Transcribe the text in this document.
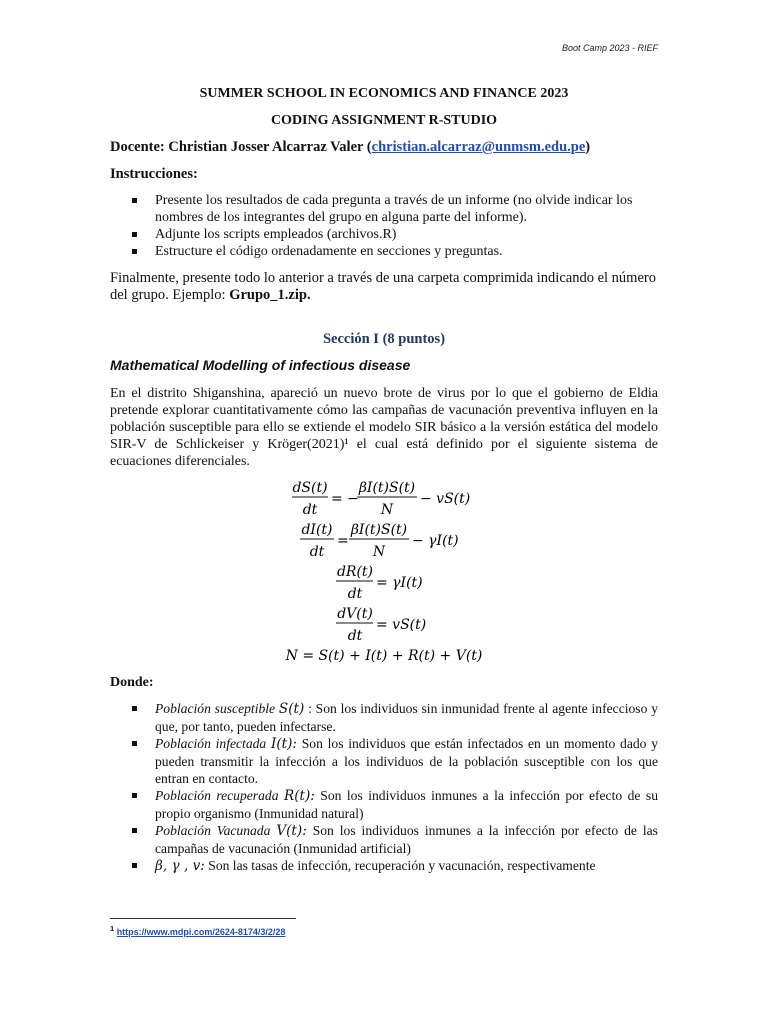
Boot Camp 2023 - RIEF
SUMMER SCHOOL IN ECONOMICS AND FINANCE 2023
CODING ASSIGNMENT R-STUDIO
Docente: Christian Josser Alcarraz Valer (christian.alcarraz@unmsm.edu.pe)
Instrucciones:
Presente los resultados de cada pregunta a través de un informe (no olvide indicar los nombres de los integrantes del grupo en alguna parte del informe).
Adjunte los scripts empleados (archivos.R)
Estructure el código ordenadamente en secciones y preguntas.
Finalmente, presente todo lo anterior a través de una carpeta comprimida indicando el número del grupo. Ejemplo: Grupo_1.zip.
Sección I (8 puntos)
Mathematical Modelling of infectious disease
En el distrito Shiganshina, apareció un nuevo brote de virus por lo que el gobierno de Eldia pretende explorar cuantitativamente cómo las campañas de vacunación preventiva influyen en la población susceptible para ello se extiende el modelo SIR básico a la versión estática del modelo SIR-V de Schlickeiser y Kröger(2021)¹ el cual está definido por el siguiente sistema de ecuaciones diferenciales.
dS(t)
dt
= −
βI(t)S(t)
N
− vS(t)
dI(t)
dt
=
βI(t)S(t)
N
− γI(t)
dR(t)
dt
= γI(t)
dV(t)
dt
= vS(t)
N = S(t) + I(t) + R(t) + V(t)
Donde:
Población susceptible S(t) : Son los individuos sin inmunidad frente al agente infeccioso y que, por tanto, pueden infectarse.
Población infectada I(t): Son los individuos que están infectados en un momento dado y pueden transmitir la infección a los individuos de la población susceptible con los que entran en contacto.
Población recuperada R(t): Son los individuos inmunes a la infección por efecto de su propio organismo (Inmunidad natural)
Población Vacunada V(t): Son los individuos inmunes a la infección por efecto de las campañas de vacunación (Inmunidad artificial)
β, γ , v: Son las tasas de infección, recuperación y vacunación, respectivamente
$^1$ https://www.mdpi.com/2624-8174/3/2/28
